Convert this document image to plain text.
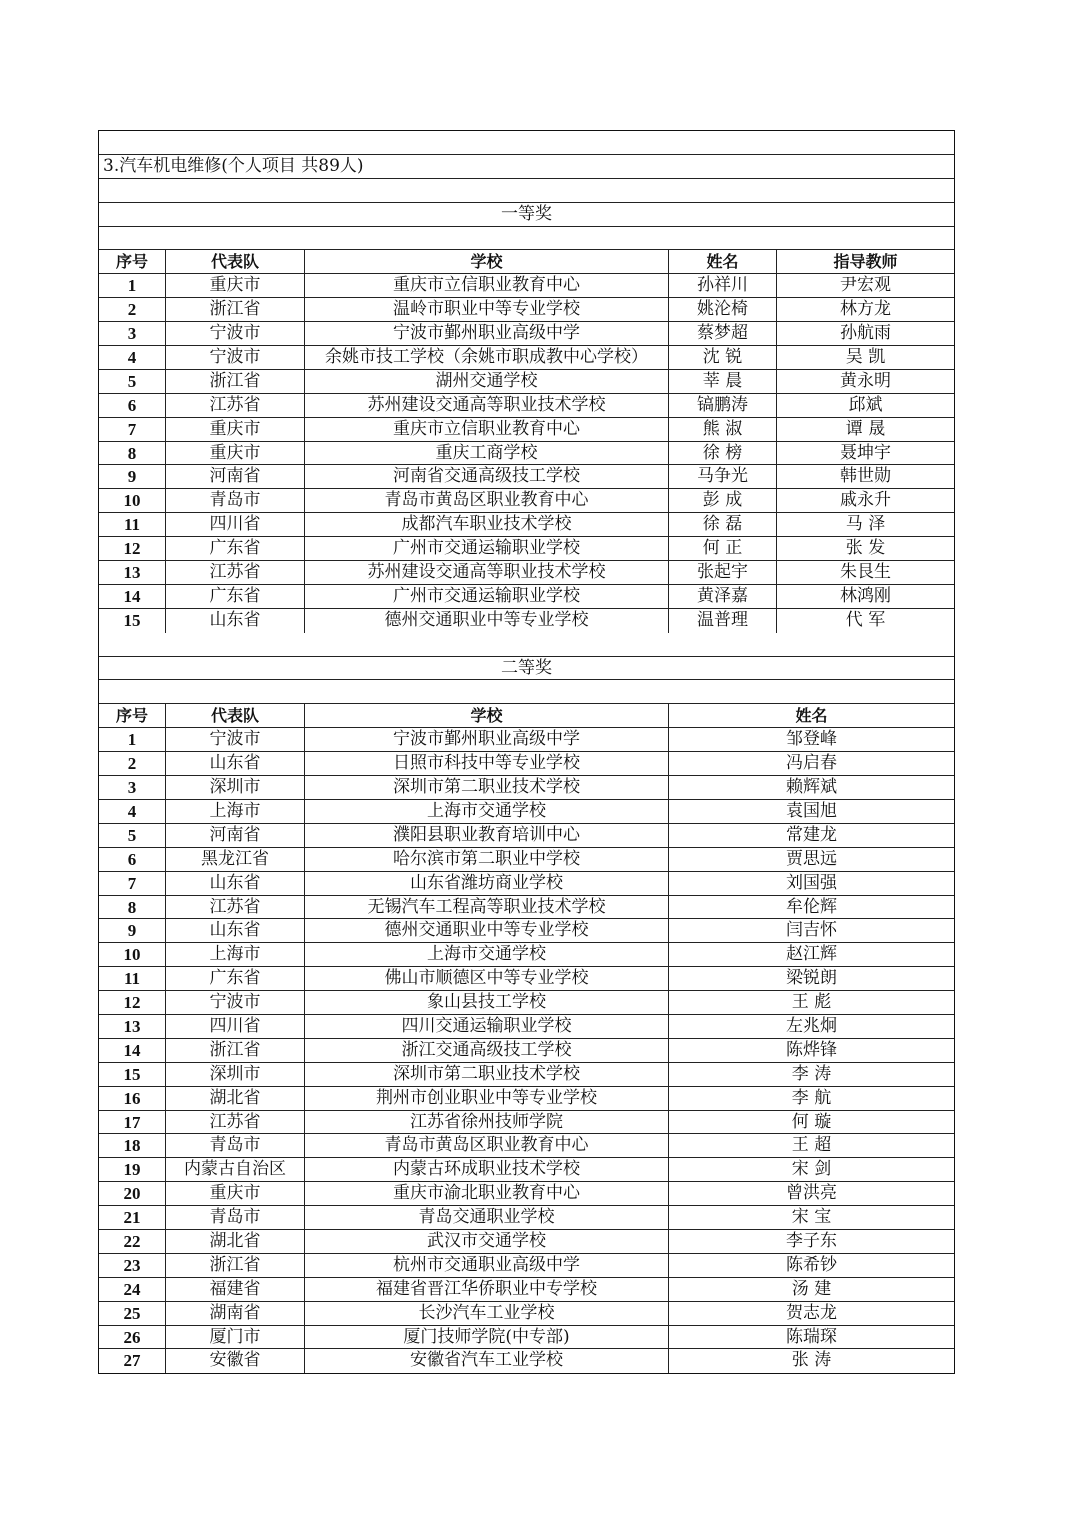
3.汽车机电维修(个人项目 共89人)
一等奖
序号	代表队	学校	姓名	指导教师
1	重庆市	重庆市立信职业教育中心	孙祥川	尹宏观
2	浙江省	温岭市职业中等专业学校	姚沦椅	林方龙
3	宁波市	宁波市鄞州职业高级中学	蔡梦超	孙航雨
4	宁波市	余姚市技工学校（余姚市职成教中心学校）	沈 锐	吴 凯
5	浙江省	湖州交通学校	莘 晨	黄永明
6	江苏省	苏州建设交通高等职业技术学校	镐鹏涛	邱斌
7	重庆市	重庆市立信职业教育中心	熊 淑	谭 晟
8	重庆市	重庆工商学校	徐 榜	聂坤宇
9	河南省	河南省交通高级技工学校	马争光	韩世勋
10	青岛市	青岛市黄岛区职业教育中心	彭 成	戚永升
11	四川省	成都汽车职业技术学校	徐 磊	马 泽
12	广东省	广州市交通运输职业学校	何 正	张 发
13	江苏省	苏州建设交通高等职业技术学校	张起宇	朱艮生
14	广东省	广州市交通运输职业学校	黄泽嘉	林鸿刚
15	山东省	德州交通职业中等专业学校	温普理	代 军
二等奖
序号	代表队	学校	姓名
1	宁波市	宁波市鄞州职业高级中学	邹登峰
2	山东省	日照市科技中等专业学校	冯启春
3	深圳市	深圳市第二职业技术学校	赖辉斌
4	上海市	上海市交通学校	袁国旭
5	河南省	濮阳县职业教育培训中心	常建龙
6	黑龙江省	哈尔滨市第二职业中学校	贾思远
7	山东省	山东省潍坊商业学校	刘国强
8	江苏省	无锡汽车工程高等职业技术学校	牟伦辉
9	山东省	德州交通职业中等专业学校	闫吉怀
10	上海市	上海市交通学校	赵江辉
11	广东省	佛山市顺德区中等专业学校	梁锐朗
12	宁波市	象山县技工学校	王 彪
13	四川省	四川交通运输职业学校	左兆炯
14	浙江省	浙江交通高级技工学校	陈烨锋
15	深圳市	深圳市第二职业技术学校	李 涛
16	湖北省	荆州市创业职业中等专业学校	李 航
17	江苏省	江苏省徐州技师学院	何 璇
18	青岛市	青岛市黄岛区职业教育中心	王 超
19	内蒙古自治区	内蒙古环成职业技术学校	宋 剑
20	重庆市	重庆市渝北职业教育中心	曾洪亮
21	青岛市	青岛交通职业学校	宋 宝
22	湖北省	武汉市交通学校	李子东
23	浙江省	杭州市交通职业高级中学	陈希钞
24	福建省	福建省晋江华侨职业中专学校	汤 建
25	湖南省	长沙汽车工业学校	贺志龙
26	厦门市	厦门技师学院(中专部)	陈瑞琛
27	安徽省	安徽省汽车工业学校	张 涛
